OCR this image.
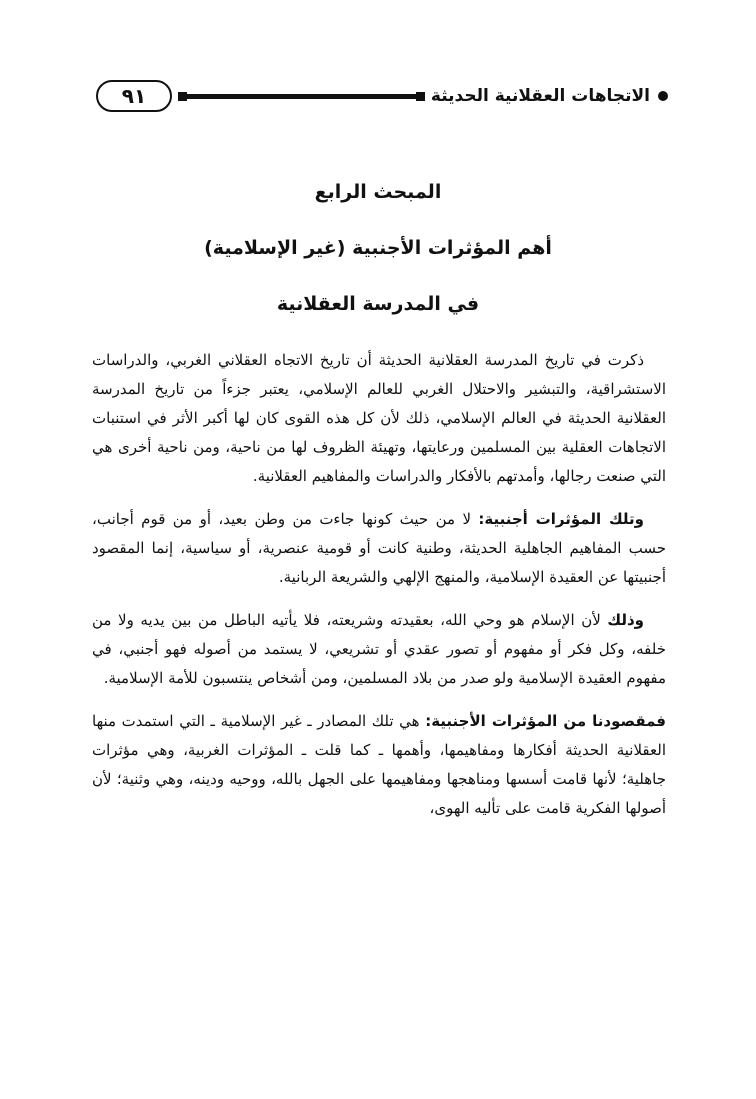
الاتجاهات العقلانية الحديثة
٩١
المبحث الرابع
أهم المؤثرات الأجنبية (غير الإسلامية)
في المدرسة العقلانية

ذكرت في تاريخ المدرسة العقلانية الحديثة أن تاريخ الاتجاه العقلاني الغربي، والدراسات الاستشراقية، والتبشير والاحتلال الغربي للعالم الإسلامي، يعتبر جزءاً من تاريخ المدرسة العقلانية الحديثة في العالم الإسلامي، ذلك لأن كل هذه القوى كان لها أكبر الأثر في استنبات الاتجاهات العقلية بين المسلمين ورعايتها، وتهيئة الظروف لها من ناحية، ومن ناحية أخرى هي التي صنعت رجالها، وأمدتهم بالأفكار والدراسات والمفاهيم العقلانية.

وتلك المؤثرات أجنبية: لا من حيث كونها جاءت من وطن بعيد، أو من قوم أجانب، حسب المفاهيم الجاهلية الحديثة، وطنية كانت أو قومية عنصرية، أو سياسية، إنما المقصود أجنبيتها عن العقيدة الإسلامية، والمنهج الإلهي والشريعة الربانية.

وذلك لأن الإسلام هو وحي الله، بعقيدته وشريعته، فلا يأتيه الباطل من بين يديه ولا من خلفه، وكل فكر أو مفهوم أو تصور عقدي أو تشريعي، لا يستمد من أصوله فهو أجنبي، في مفهوم العقيدة الإسلامية ولو صدر من بلاد المسلمين، ومن أشخاص ينتسبون للأمة الإسلامية.

فمقصودنا من المؤثرات الأجنبية: هي تلك المصادر ـ غير الإسلامية ـ التي استمدت منها العقلانية الحديثة أفكارها ومفاهيمها، وأهمها ـ كما قلت ـ المؤثرات الغربية، وهي مؤثرات جاهلية؛ لأنها قامت أسسها ومناهجها ومفاهيمها على الجهل بالله، ووحيه ودينه، وهي وثنية؛ لأن أصولها الفكرية قامت على تأليه الهوى،
